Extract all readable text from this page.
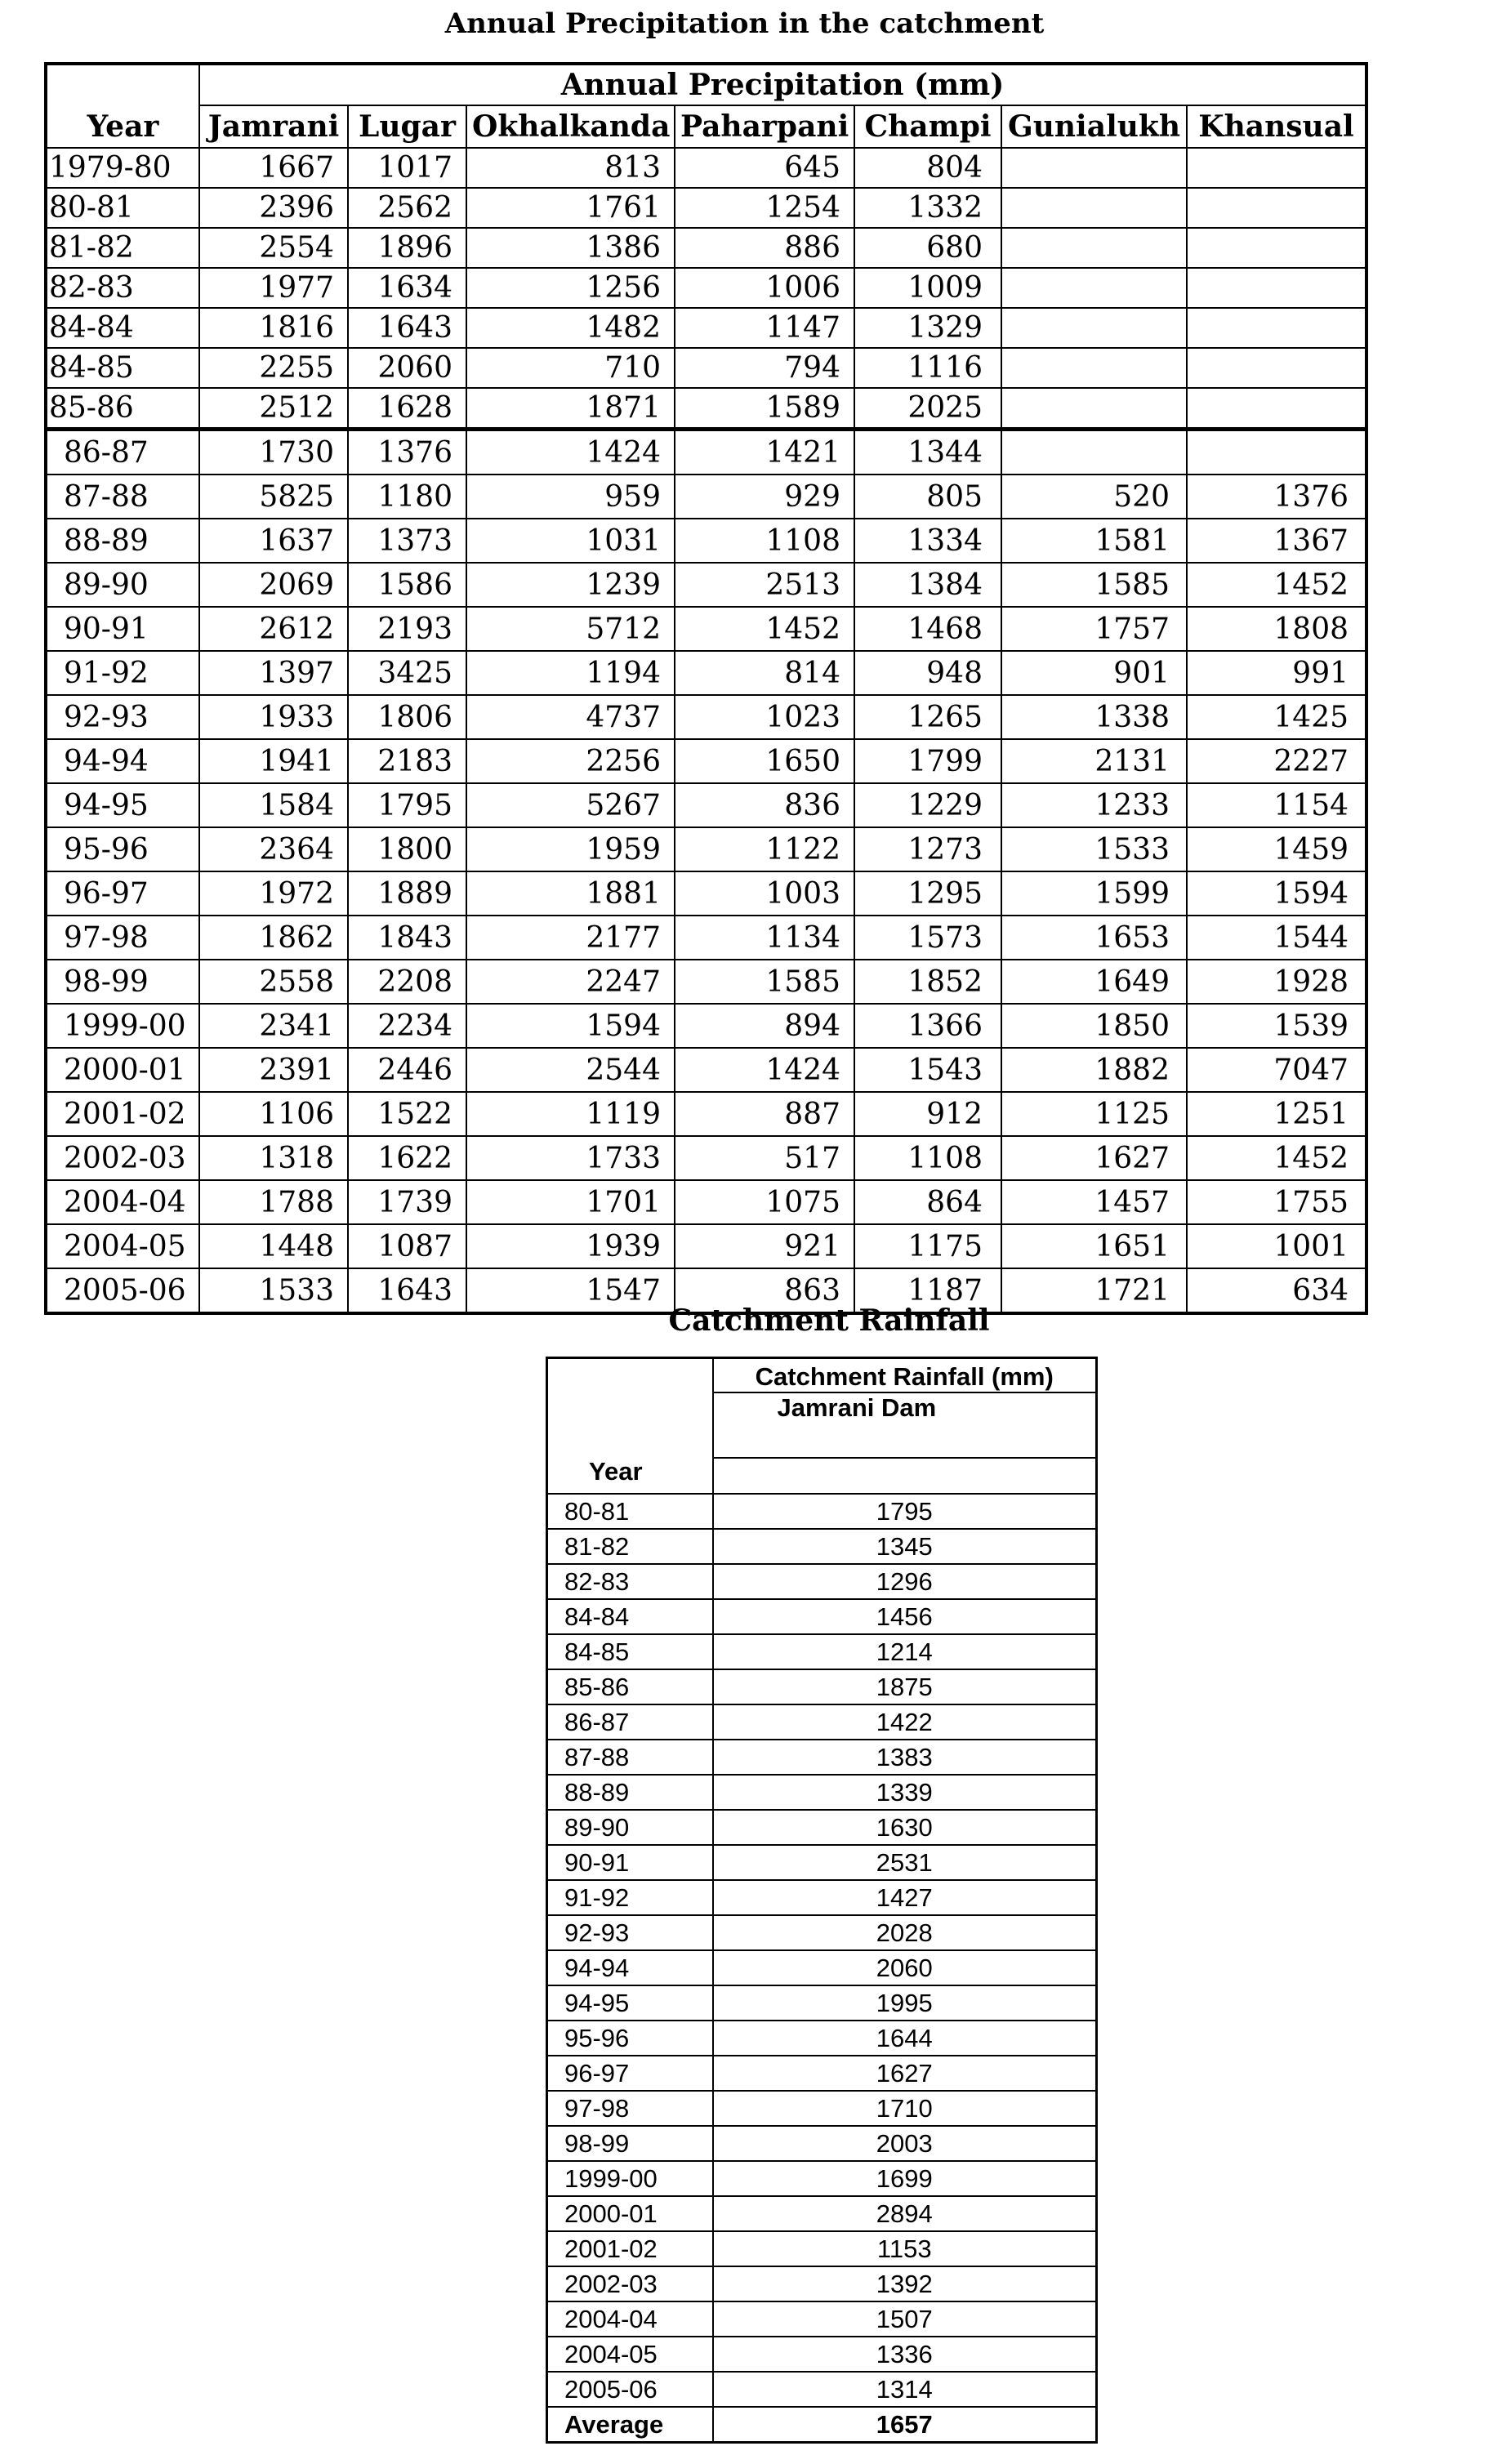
Annual Precipitation in the catchment
Year	Annual Precipitation (mm)						
	Jamrani	Lugar	Okhalkanda	Paharpani	Champi	Gunialukh	Khansual
1979-80	1667	1017	813	645	804		
80-81	2396	2562	1761	1254	1332		
81-82	2554	1896	1386	886	680		
82-83	1977	1634	1256	1006	1009		
84-84	1816	1643	1482	1147	1329		
84-85	2255	2060	710	794	1116		
85-86	2512	1628	1871	1589	2025		
86-87	1730	1376	1424	1421	1344		
87-88	5825	1180	959	929	805	520	1376
88-89	1637	1373	1031	1108	1334	1581	1367
89-90	2069	1586	1239	2513	1384	1585	1452
90-91	2612	2193	5712	1452	1468	1757	1808
91-92	1397	3425	1194	814	948	901	991
92-93	1933	1806	4737	1023	1265	1338	1425
94-94	1941	2183	2256	1650	1799	2131	2227
94-95	1584	1795	5267	836	1229	1233	1154
95-96	2364	1800	1959	1122	1273	1533	1459
96-97	1972	1889	1881	1003	1295	1599	1594
97-98	1862	1843	2177	1134	1573	1653	1544
98-99	2558	2208	2247	1585	1852	1649	1928
1999-00	2341	2234	1594	894	1366	1850	1539
2000-01	2391	2446	2544	1424	1543	1882	7047
2001-02	1106	1522	1119	887	912	1125	1251
2002-03	1318	1622	1733	517	1108	1627	1452
2004-04	1788	1739	1701	1075	864	1457	1755
2004-05	1448	1087	1939	921	1175	1651	1001
2005-06	1533	1643	1547	863	1187	1721	634
Catchment Rainfall
Year	Catchment Rainfall (mm)
	Jamrani Dam

80-81	1795
81-82	1345
82-83	1296
84-84	1456
84-85	1214
85-86	1875
86-87	1422
87-88	1383
88-89	1339
89-90	1630
90-91	2531
91-92	1427
92-93	2028
94-94	2060
94-95	1995
95-96	1644
96-97	1627
97-98	1710
98-99	2003
1999-00	1699
2000-01	2894
2001-02	1153
2002-03	1392
2004-04	1507
2004-05	1336
2005-06	1314
Average	1657
